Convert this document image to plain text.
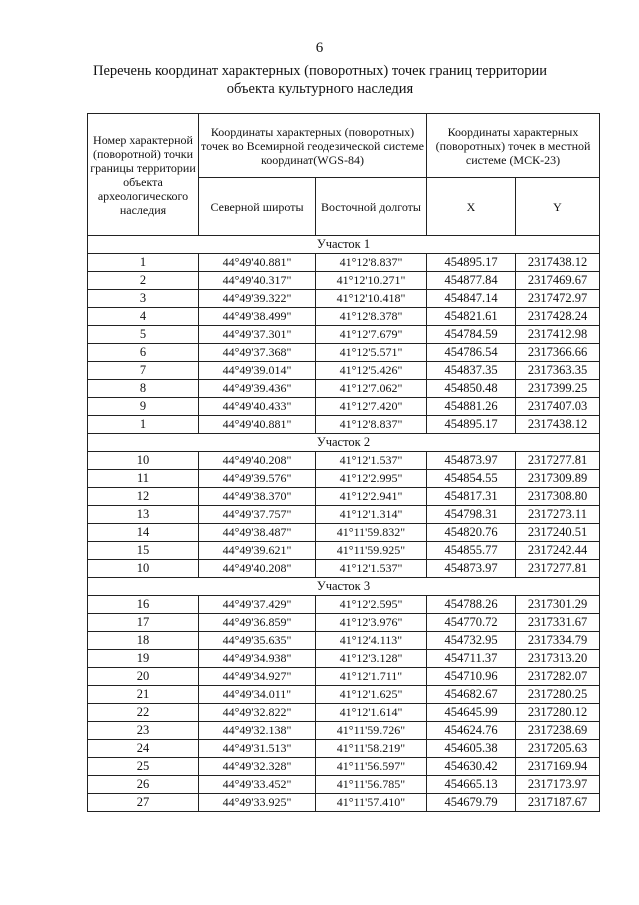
6
Перечень координат характерных (поворотных) точек границ территории
объекта культурного наследия
Номер характерной (поворотной) точки границы территории объекта археологического наследия	Координаты характерных (поворотных) точек во Всемирной геодезической системе координат(WGS-84)		Координаты характерных (поворотных) точек в местной системе (МСК-23)	
	Северной широты	Восточной долготы	X	Y
Участок 1				
1	44°49'40.881"	41°12'8.837"	454895.17	2317438.12
2	44°49'40.317"	41°12'10.271"	454877.84	2317469.67
3	44°49'39.322"	41°12'10.418"	454847.14	2317472.97
4	44°49'38.499"	41°12'8.378"	454821.61	2317428.24
5	44°49'37.301"	41°12'7.679"	454784.59	2317412.98
6	44°49'37.368"	41°12'5.571"	454786.54	2317366.66
7	44°49'39.014"	41°12'5.426"	454837.35	2317363.35
8	44°49'39.436"	41°12'7.062"	454850.48	2317399.25
9	44°49'40.433"	41°12'7.420"	454881.26	2317407.03
1	44°49'40.881"	41°12'8.837"	454895.17	2317438.12
Участок 2				
10	44°49'40.208"	41°12'1.537"	454873.97	2317277.81
11	44°49'39.576"	41°12'2.995"	454854.55	2317309.89
12	44°49'38.370"	41°12'2.941"	454817.31	2317308.80
13	44°49'37.757"	41°12'1.314"	454798.31	2317273.11
14	44°49'38.487"	41°11'59.832"	454820.76	2317240.51
15	44°49'39.621"	41°11'59.925"	454855.77	2317242.44
10	44°49'40.208"	41°12'1.537"	454873.97	2317277.81
Участок 3				
16	44°49'37.429"	41°12'2.595"	454788.26	2317301.29
17	44°49'36.859"	41°12'3.976"	454770.72	2317331.67
18	44°49'35.635"	41°12'4.113"	454732.95	2317334.79
19	44°49'34.938"	41°12'3.128"	454711.37	2317313.20
20	44°49'34.927"	41°12'1.711"	454710.96	2317282.07
21	44°49'34.011"	41°12'1.625"	454682.67	2317280.25
22	44°49'32.822"	41°12'1.614"	454645.99	2317280.12
23	44°49'32.138"	41°11'59.726"	454624.76	2317238.69
24	44°49'31.513"	41°11'58.219"	454605.38	2317205.63
25	44°49'32.328"	41°11'56.597"	454630.42	2317169.94
26	44°49'33.452"	41°11'56.785"	454665.13	2317173.97
27	44°49'33.925"	41°11'57.410"	454679.79	2317187.67
